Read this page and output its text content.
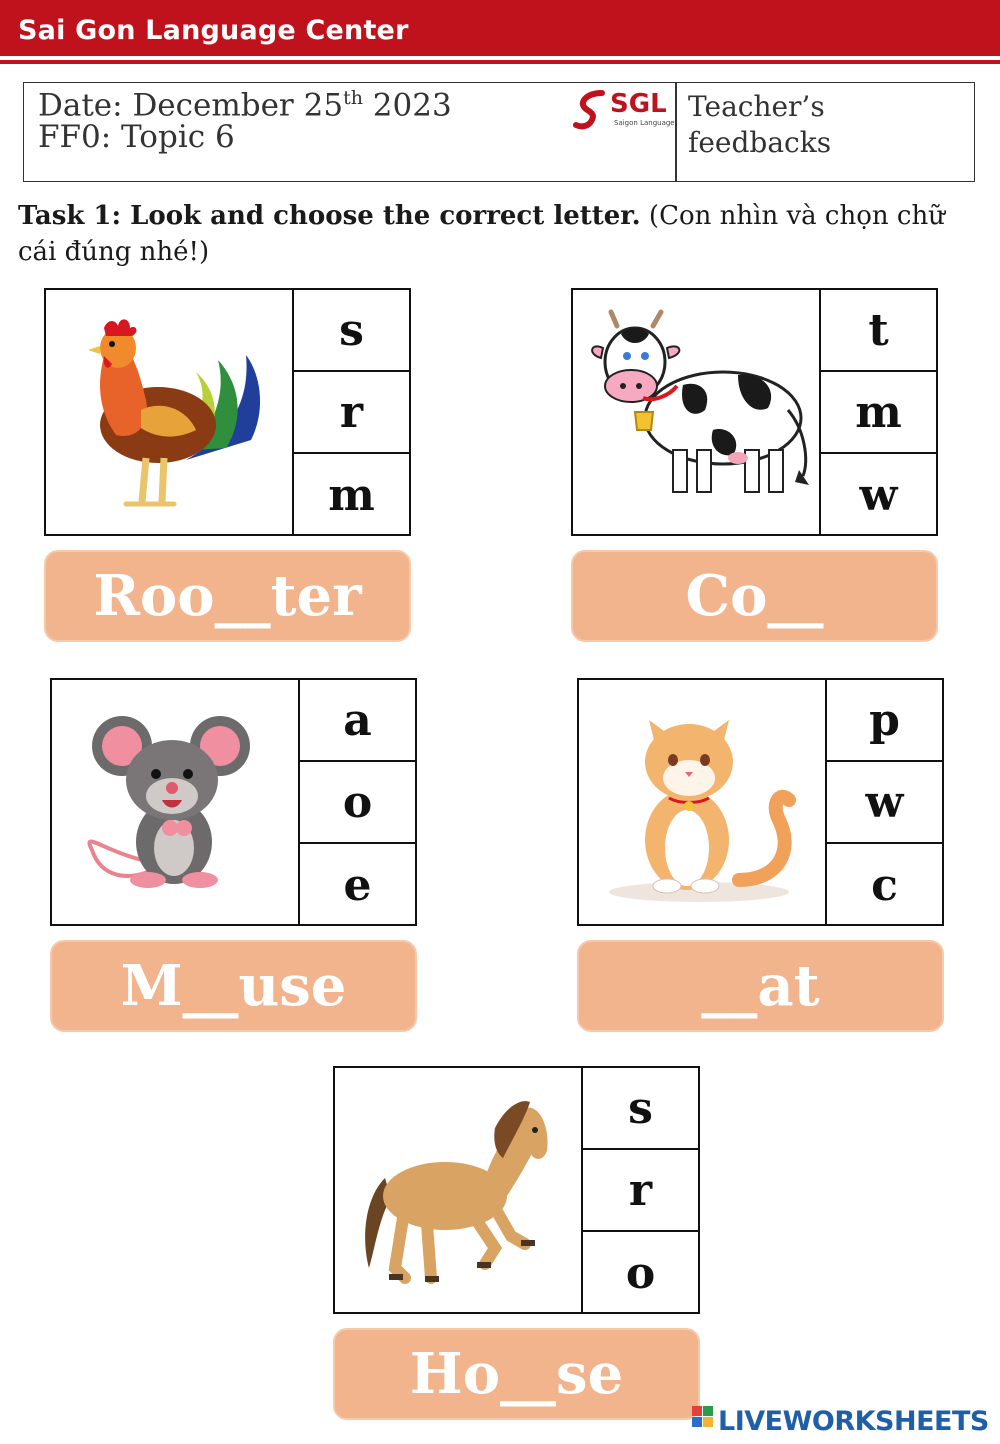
Sai Gon Language Center
Date: December 25th 2023
FF0: Topic 6
SGL
Saigon Language Teacher’s feedbacks
Task 1: Look and choose the correct letter. (Con nhìn và chọn chữ cái đúng nhé!)
s
r
m
Roo__ter
t
m
w
Co__
a
o
e
M__use
p
w
c
__at
s
r
o
Ho__se
LIVEWORKSHEETS
